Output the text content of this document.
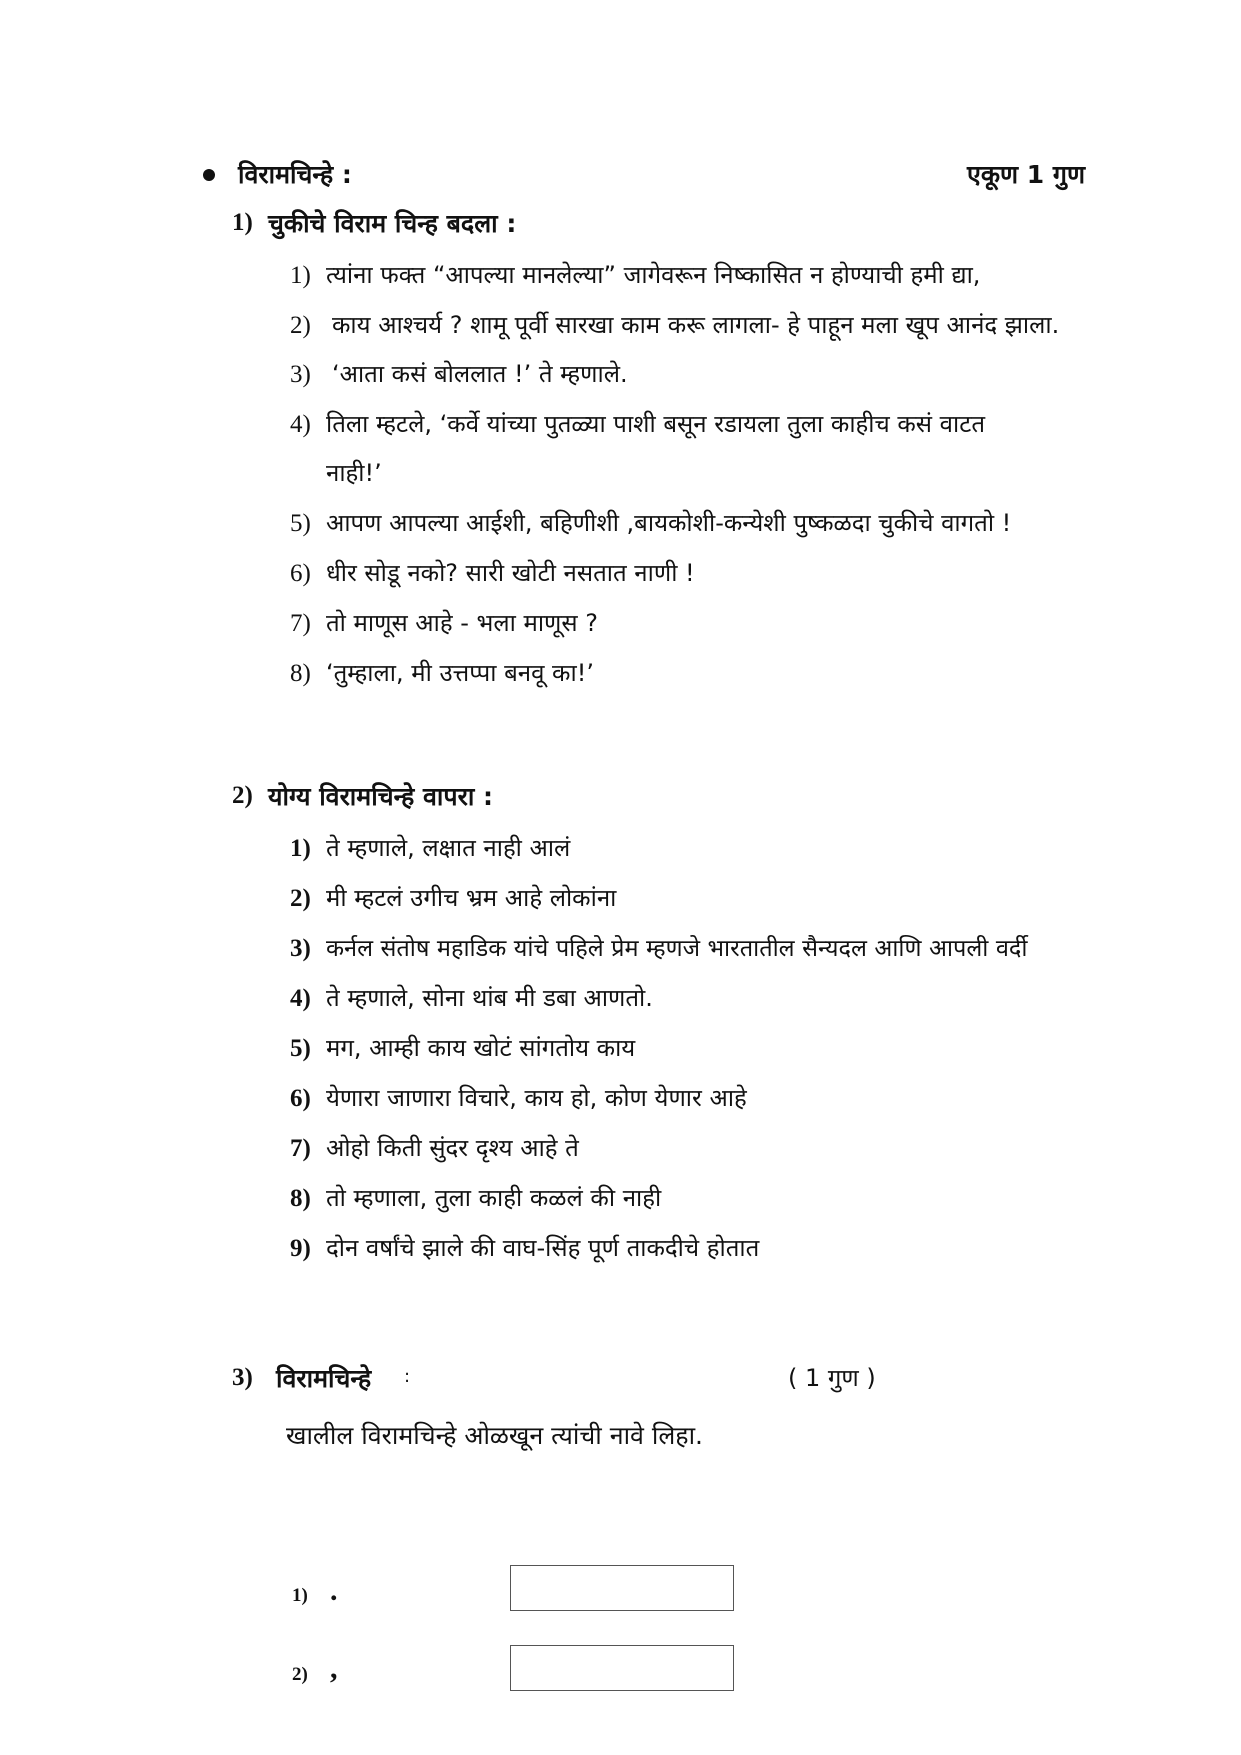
विरामचिन्हे :	एकूण 1 गुण
1) चुकीचे विराम चिन्ह बदला :
1) त्यांना फक्त “आपल्या मानलेल्या” जागेवरून निष्कासित न होण्याची हमी द्या,
2) काय आश्चर्य ? शामू पूर्वी सारखा काम करू लागला- हे पाहून मला खूप आनंद झाला.
3) ‘आता कसं बोललात !’ ते म्हणाले.
4) तिला म्हटले, ‘कर्वे यांच्या पुतळ्या पाशी बसून रडायला तुला काहीच कसं वाटत
नाही!’
5) आपण आपल्या आईशी, बहिणीशी ,बायकोशी-कन्येशी पुष्कळदा चुकीचे वागतो !
6) धीर सोडू नको? सारी खोटी नसतात नाणी !
7) तो माणूस आहे - भला माणूस ?
8) ‘तुम्हाला, मी उत्तप्पा बनवू का!’
2) योग्य विरामचिन्हे वापरा :
1) ते म्हणाले, लक्षात नाही आलं
2) मी म्हटलं उगीच भ्रम आहे लोकांना
3) कर्नल संतोष महाडिक यांचे पहिले प्रेम म्हणजे भारतातील सैन्यदल आणि आपली वर्दी
4) ते म्हणाले, सोना थांब मी डबा आणतो.
5) मग, आम्ही काय खोटं सांगतोय काय
6) येणारा जाणारा विचारे, काय हो, कोण येणार आहे
7) ओहो किती सुंदर दृश्य आहे ते
8) तो म्हणाला, तुला काही कळलं की नाही
9) दोन वर्षांचे झाले की वाघ-सिंह पूर्ण ताकदीचे होतात
3) विरामचिन्हे :	( 1 गुण )
खालील विरामचिन्हे ओळखून त्यांची नावे लिहा.
1) .
2) ,
